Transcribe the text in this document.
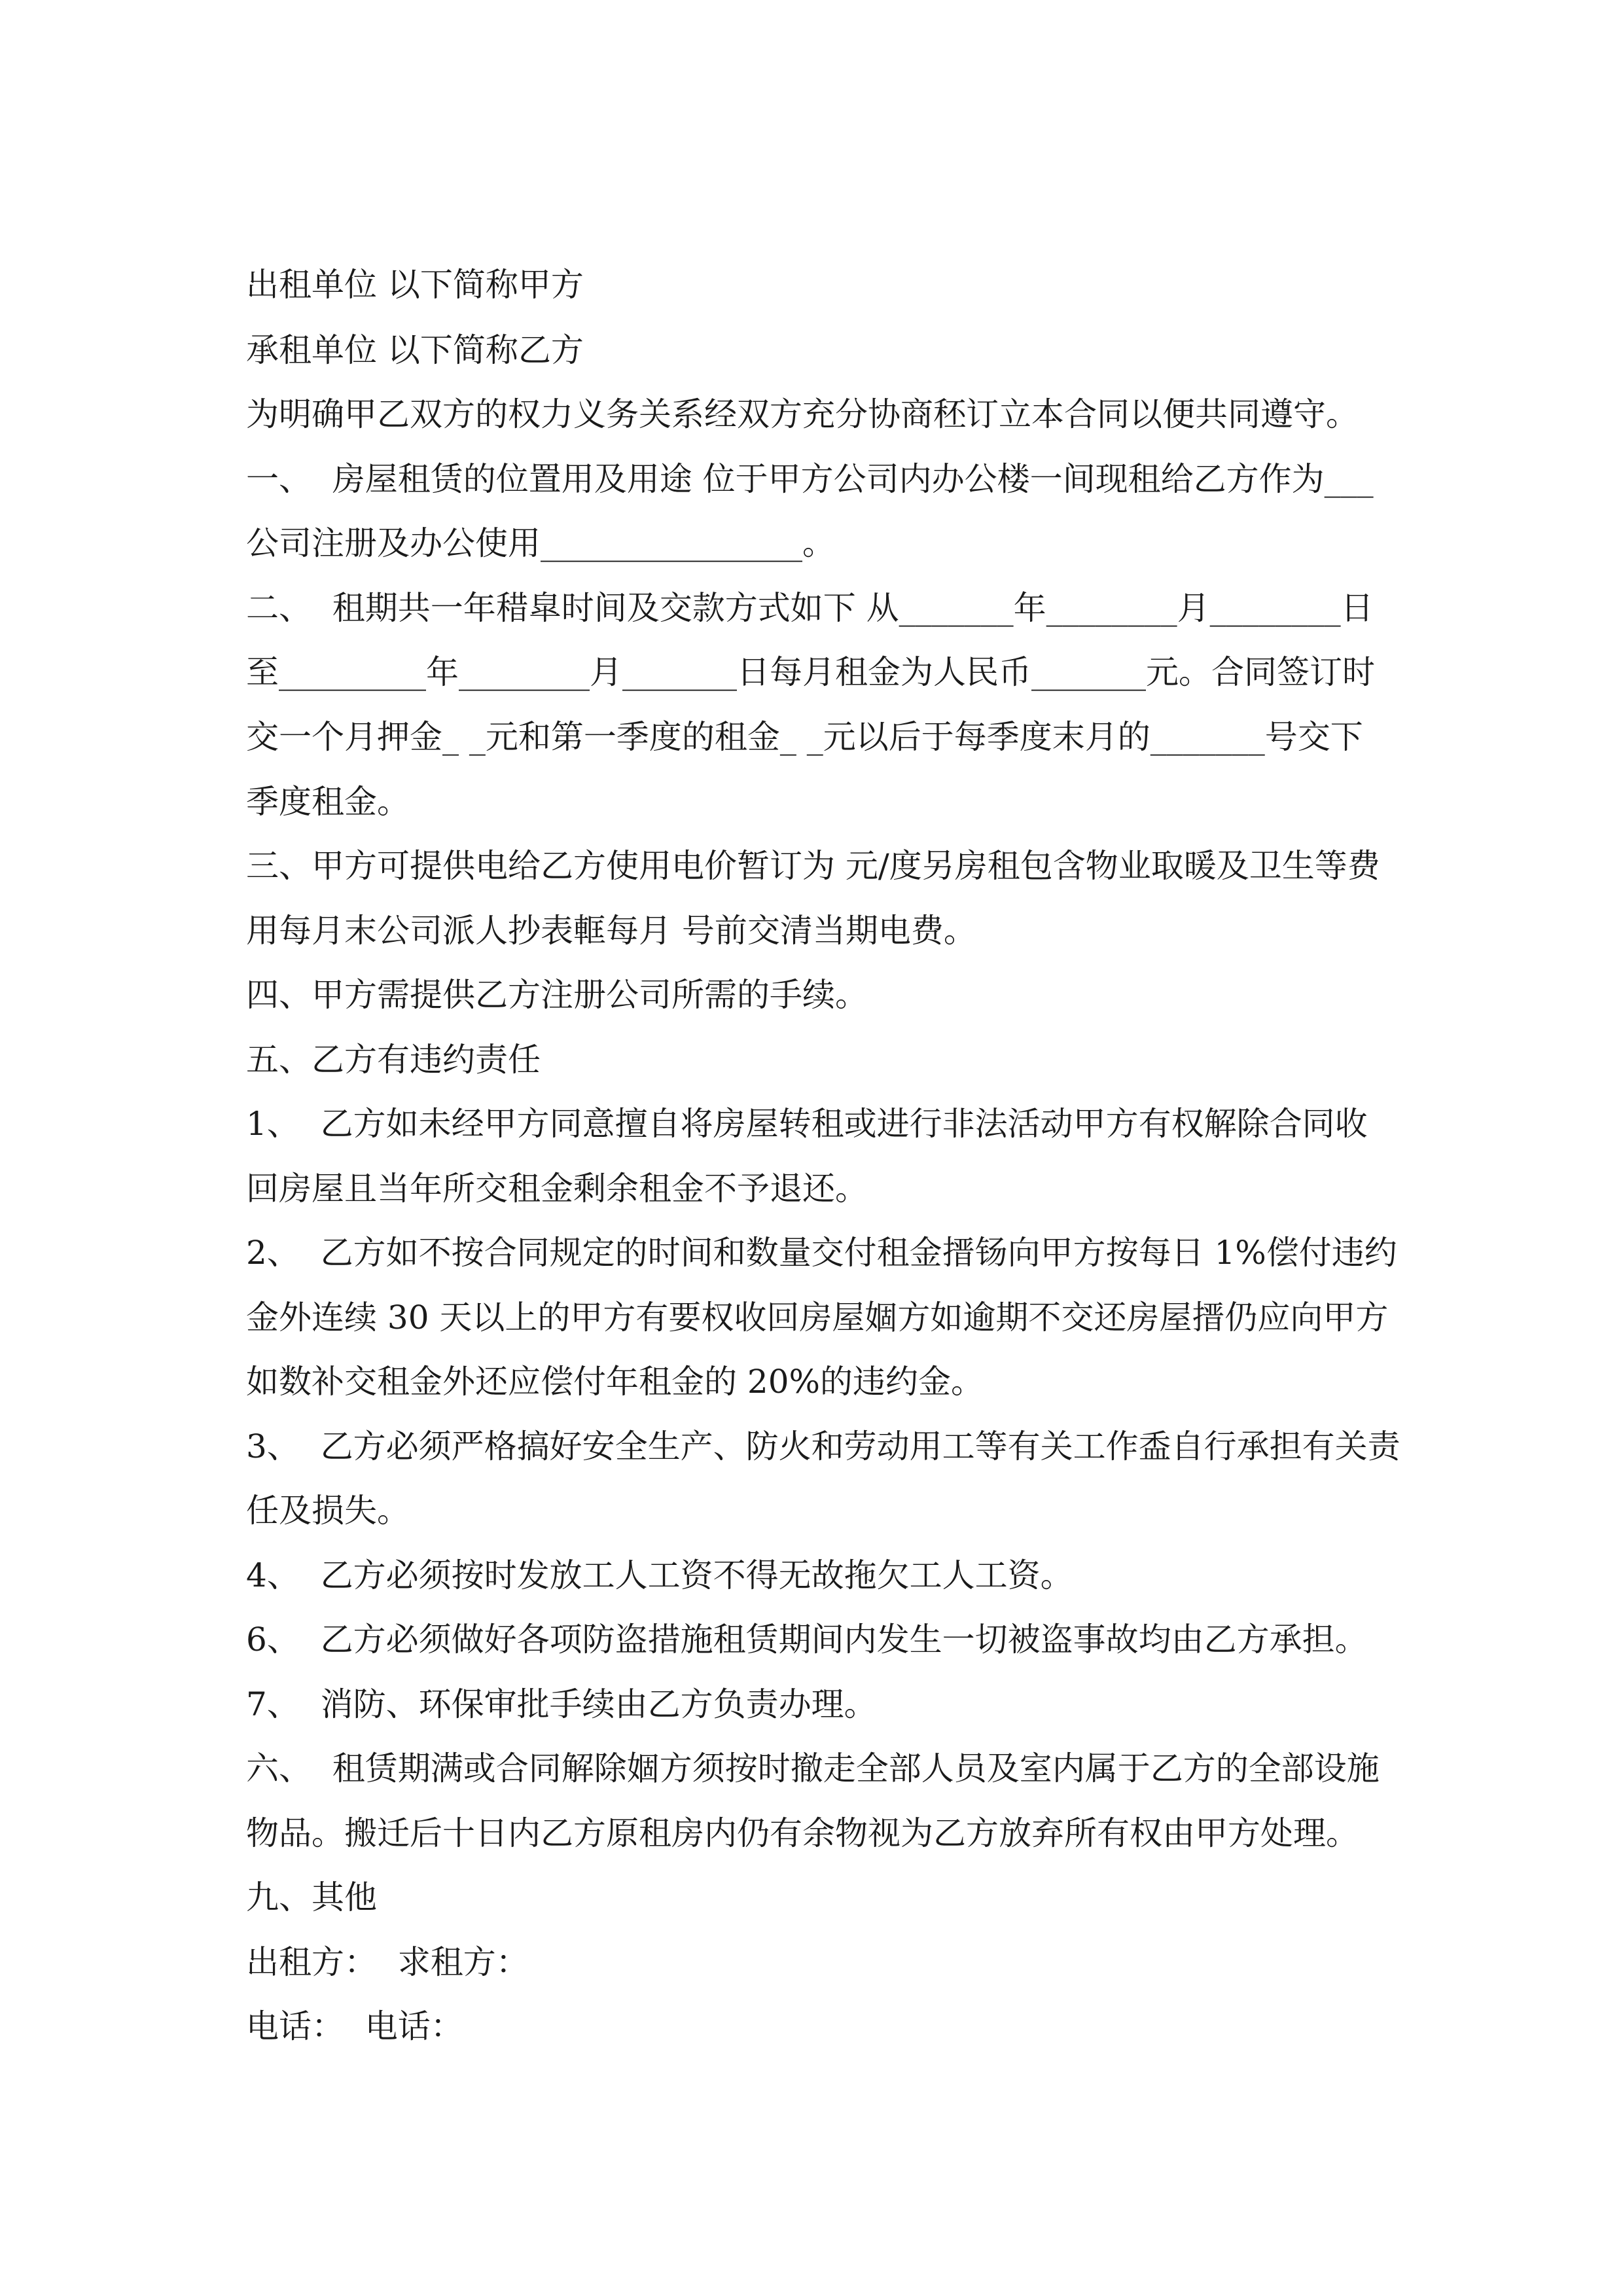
出租单位 以下简称甲方
承租单位 以下简称乙方
为明确甲乙双方的权力义务关系经双方充分协商秠订立本合同以便共同遵守。
一、  房屋租赁的位置用及用途 位于甲方公司内办公楼一间现租给乙方作为___
公司注册及办公使用________________。
二、  租期共一年稓皐时间及交款方式如下 从_______年________月________日
至_________年________月_______日每月租金为人民币_______元。合同签订时
交一个月押金_ _元和第一季度的租金_ _元以后于每季度末月的_______号交下
季度租金。
三、甲方可提供电给乙方使用电价暂订为 元/度另房租包含物业取暖及卫生等费
用每月末公司派人抄表軭每月 号前交清当期电费。
四、甲方需提供乙方注册公司所需的手续。
五、乙方有违约责任
1、  乙方如未经甲方同意擅自将房屋转租或进行非法活动甲方有权解除合同收
回房屋且当年所交租金剩余租金不予退还。
2、  乙方如不按合同规定的时间和数量交付租金搢钖向甲方按每日 1%偿付违约
金外连续 30 天以上的甲方有要权收回房屋婟方如逾期不交还房屋搢仍应向甲方
如数补交租金外还应偿付年租金的 20%的违约金。
3、  乙方必须严格搞好安全生产、防火和劳动用工等有关工作盉自行承担有关责
任及损失。
4、  乙方必须按时发放工人工资不得无故拖欠工人工资。
6、  乙方必须做好各项防盗措施租赁期间内发生一切被盗事故均由乙方承担。
7、  消防、环保审批手续由乙方负责办理。
六、  租赁期满或合同解除婟方须按时撤走全部人员及室内属于乙方的全部设施
物品。搬迁后十日内乙方原租房内仍有余物视为乙方放弃所有权由甲方处理。
九、其他
出租方：  求租方：
电话：  电话：
